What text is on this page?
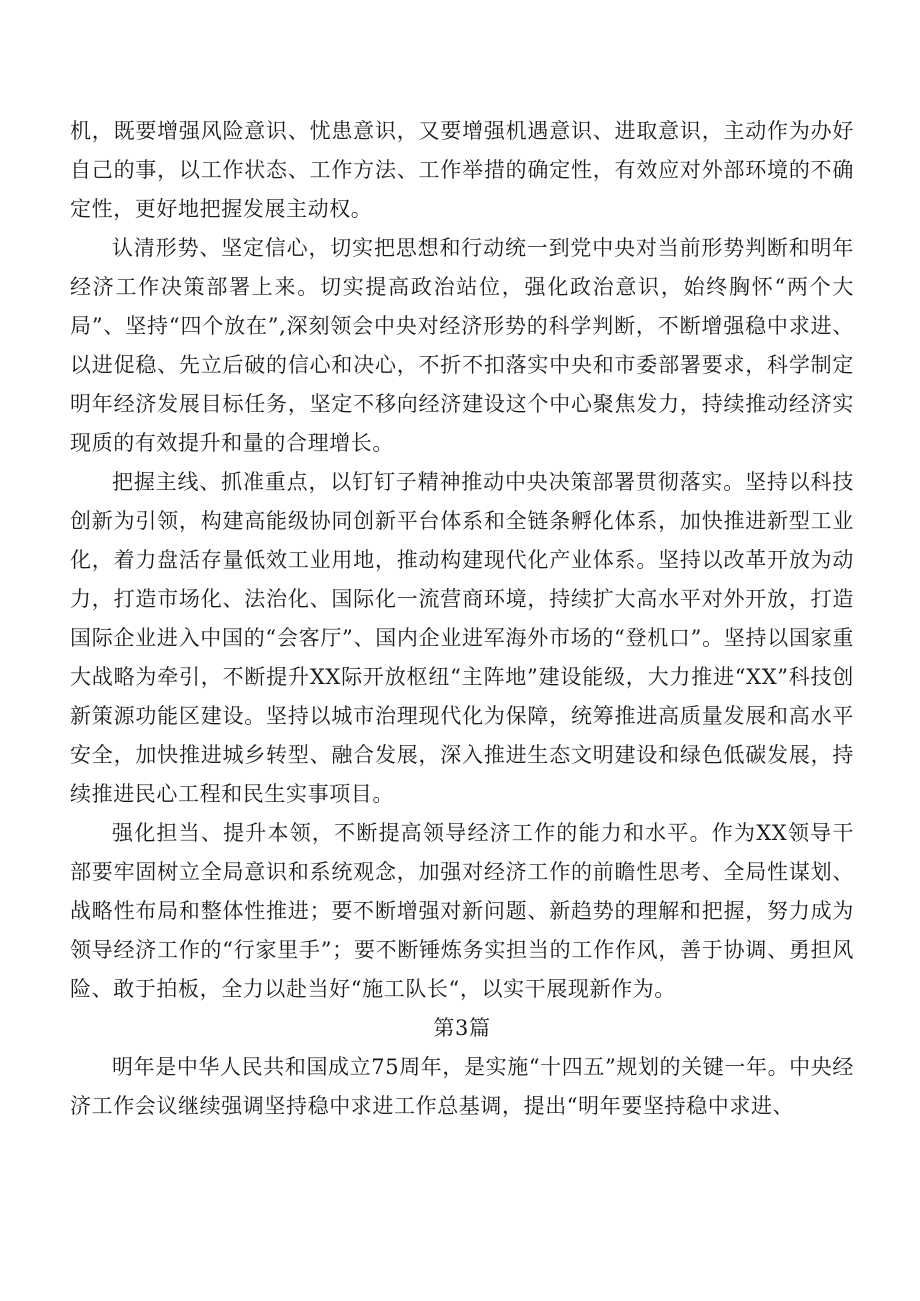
机，既要增强风险意识、忧患意识，又要增强机遇意识、进取意识，主动作为办好自己的事，以工作状态、工作方法、工作举措的确定性，有效应对外部环境的不确定性，更好地把握发展主动权。

认清形势、坚定信心，切实把思想和行动统一到党中央对当前形势判断和明年经济工作决策部署上来。切实提高政治站位，强化政治意识，始终胸怀“两个大局”、坚持“四个放在”,深刻领会中央对经济形势的科学判断，不断增强稳中求进、以进促稳、先立后破的信心和决心，不折不扣落实中央和市委部署要求，科学制定明年经济发展目标任务，坚定不移向经济建设这个中心聚焦发力，持续推动经济实现质的有效提升和量的合理增长。

把握主线、抓准重点，以钉钉子精神推动中央决策部署贯彻落实。坚持以科技创新为引领，构建高能级协同创新平台体系和全链条孵化体系，加快推进新型工业化，着力盘活存量低效工业用地，推动构建现代化产业体系。坚持以改革开放为动力，打造市场化、法治化、国际化一流营商环境，持续扩大高水平对外开放，打造国际企业进入中国的“会客厅”、国内企业进军海外市场的“登机口”。坚持以国家重大战略为牵引，不断提升XX际开放枢纽“主阵地”建设能级，大力推进“XX”科技创新策源功能区建设。坚持以城市治理现代化为保障，统筹推进高质量发展和高水平安全，加快推进城乡转型、融合发展，深入推进生态文明建设和绿色低碳发展，持续推进民心工程和民生实事项目。

强化担当、提升本领，不断提高领导经济工作的能力和水平。作为XX领导干部要牢固树立全局意识和系统观念，加强对经济工作的前瞻性思考、全局性谋划、战略性布局和整体性推进；要不断增强对新问题、新趋势的理解和把握，努力成为领导经济工作的“行家里手”；要不断锤炼务实担当的工作作风，善于协调、勇担风险、敢于拍板，全力以赴当好“施工队长“，以实干展现新作为。

第3篇

明年是中华人民共和国成立75周年，是实施“十四五”规划的关键一年。中央经济工作会议继续强调坚持稳中求进工作总基调，提出“明年要坚持稳中求进、
